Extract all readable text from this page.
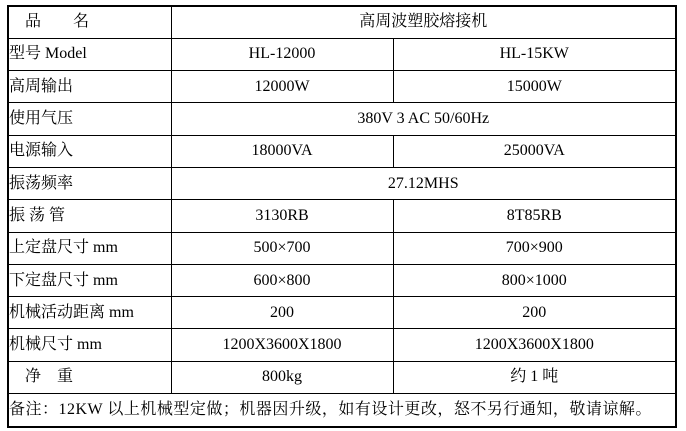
　品　　名	高周波塑胶熔接机	
型号 Model	HL-12000	HL-15KW
高周输出	12000W	15000W
使用气压	380V 3 AC 50/60Hz	
电源输入	18000VA	25000VA
振荡频率	27.12MHS	
振 荡 管	3130RB	8T85RB
上定盘尺寸 mm	500×700	700×900
下定盘尺寸 mm	600×800	800×1000
机械活动距离 mm	200	200
机械尺寸 mm	1200X3600X1800	1200X3600X1800
　净　重	800kg	约 1 吨
备注：12KW 以上机械型定做；机器因升级，如有设计更改，怒不另行通知，敬请谅解。		
